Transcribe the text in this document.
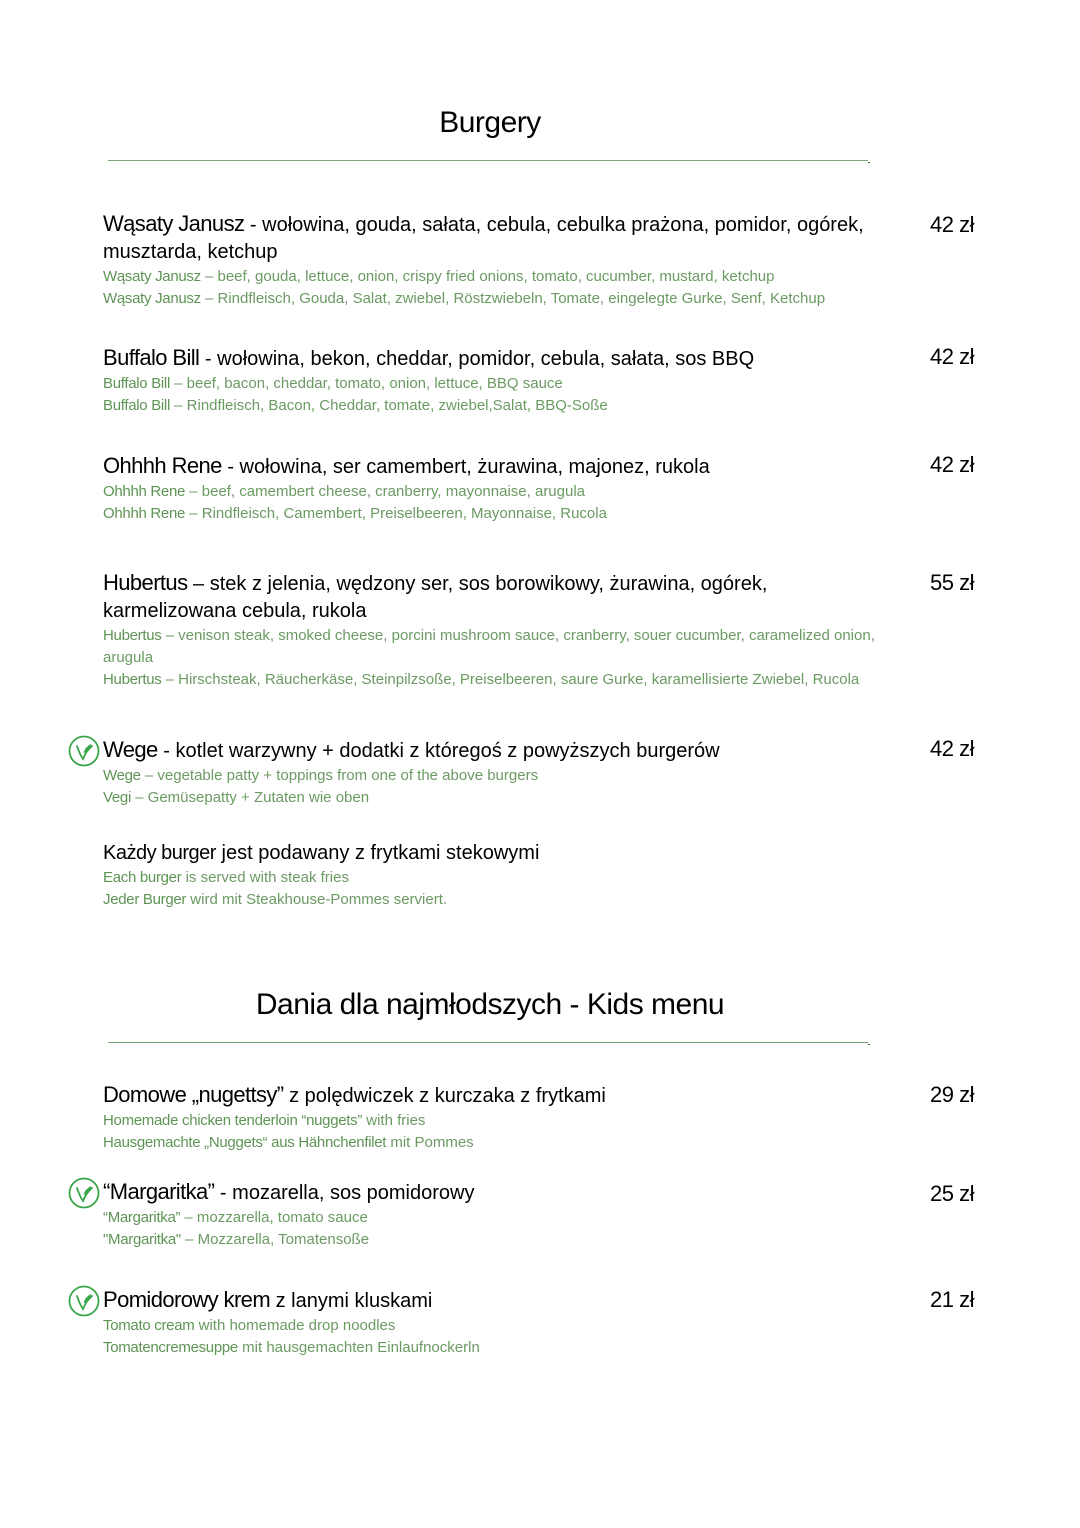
Burgery
Wąsaty Janusz - wołowina, gouda, sałata, cebula, cebulka prażona, pomidor, ogórek, musztarda, ketchup
Wąsaty Janusz – beef, gouda, lettuce, onion, crispy fried onions, tomato, cucumber, mustard, ketchup
Wąsaty Janusz – Rindfleisch, Gouda, Salat, zwiebel, Röstzwiebeln, Tomate, eingelegte Gurke, Senf, Ketchup
42 zł
Buffalo Bill - wołowina, bekon, cheddar, pomidor, cebula, sałata, sos BBQ
Buffalo Bill – beef, bacon, cheddar, tomato, onion, lettuce, BBQ sauce
Buffalo Bill – Rindfleisch, Bacon, Cheddar, tomate, zwiebel,Salat, BBQ-Soße
42 zł
Ohhhh Rene - wołowina, ser camembert, żurawina, majonez, rukola
Ohhhh Rene – beef, camembert cheese, cranberry, mayonnaise, arugula
Ohhhh Rene – Rindfleisch, Camembert, Preiselbeeren, Mayonnaise, Rucola
42 zł
Hubertus – stek z jelenia, wędzony ser, sos borowikowy, żurawina, ogórek, karmelizowana cebula, rukola
Hubertus – venison steak, smoked cheese, porcini mushroom sauce, cranberry, souer cucumber, caramelized onion, arugula
Hubertus – Hirschsteak, Räucherkäse, Steinpilzsoße, Preiselbeeren, saure Gurke, karamellisierte Zwiebel, Rucola
55 zł
Wege - kotlet warzywny + dodatki z któregoś z powyższych burgerów
Wege – vegetable patty + toppings from one of the above burgers
Vegi – Gemüsepatty + Zutaten wie oben
42 zł
Każdy burger jest podawany z frytkami stekowymi
Each burger is served with steak fries
Jeder Burger wird mit Steakhouse-Pommes serviert.
Dania dla najmłodszych - Kids menu
Domowe „nugettsy” z polędwiczek z kurczaka z frytkami
Homemade chicken tenderloin “nuggets” with fries
Hausgemachte „Nuggets“ aus Hähnchenfilet mit Pommes
29 zł
“Margaritka” - mozarella, sos pomidorowy
“Margaritka” – mozzarella, tomato sauce
"Margaritka" – Mozzarella, Tomatensoße
25 zł
Pomidorowy krem z lanymi kluskami
Tomato cream with homemade drop noodles
Tomatencremesuppe mit hausgemachten Einlaufnockerln
21 zł
